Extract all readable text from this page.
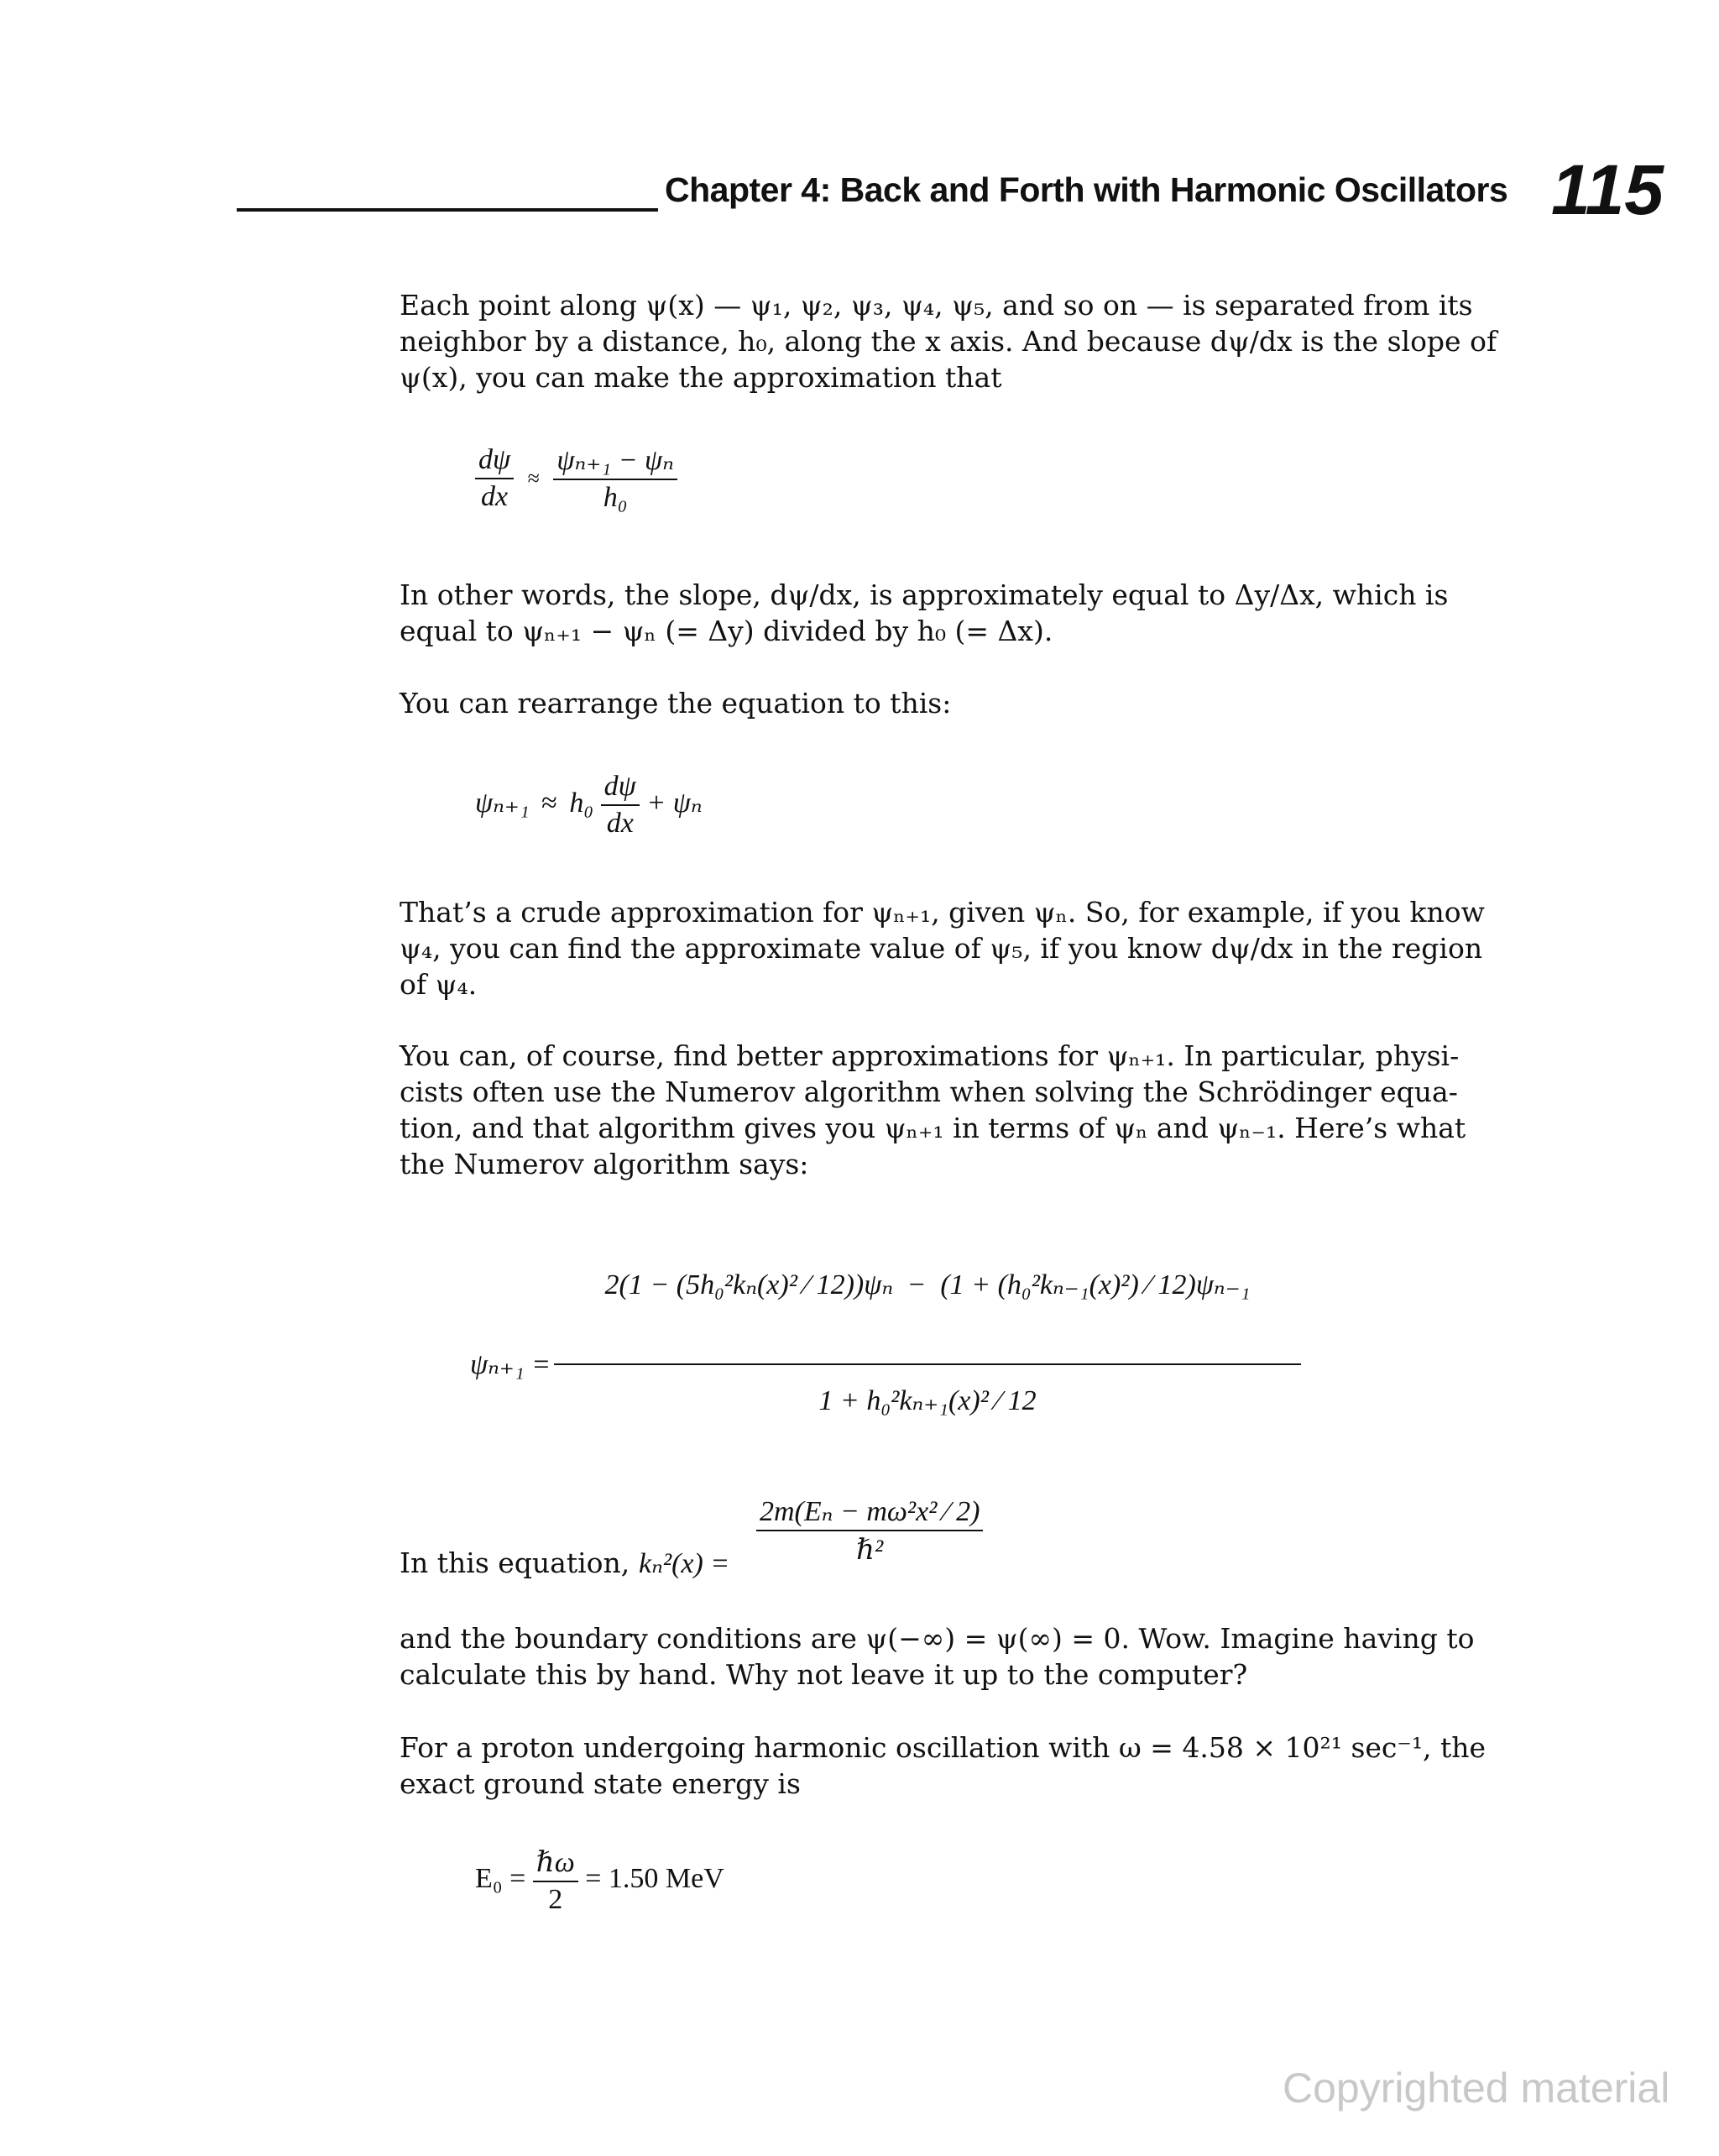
Chapter 4: Back and Forth with Harmonic Oscillators 115

Each point along ψ(x) — ψ₁, ψ₂, ψ₃, ψ₄, ψ₅, and so on — is separated from its
neighbor by a distance, h₀, along the x axis. And because dψ/dx is the slope of
ψ(x), you can make the approximation that

$\frac{d\psi}{dx} \approx \frac{\text{ψₙ₊₁ − ψₙ}}{\text{h₀}}$

In other words, the slope, dψ/dx, is approximately equal to Δy/Δx, which is
equal to ψₙ₊₁ − ψₙ (= Δy) divided by h₀ (= Δx).

You can rearrange the equation to this:

$\psi_{n+1} \approx h_0 \frac{d\psi}{dx} + \psi_n$

That’s a crude approximation for ψₙ₊₁, given ψₙ. So, for example, if you know
ψ₄, you can find the approximate value of ψ₅, if you know dψ/dx in the region
of ψ₄.

You can, of course, find better approximations for ψₙ₊₁. In particular, physi-
cists often use the Numerov algorithm when solving the Schrödinger equa-
tion, and that algorithm gives you ψₙ₊₁ in terms of ψₙ and ψₙ₋₁. Here’s what
the Numerov algorithm says:

ψₙ₊₁ =
2(1 − (5h₀²kₙ(x)² ⁄ 12))ψₙ − (1 + (h₀²kₙ₋₁(x)²) ⁄ 12)ψₙ₋₁
1 + h₀²kₙ₊₁(x)² ⁄ 12
In this equation, kₙ²(x) =
2m(Eₙ − mω²x² ⁄ 2)
ℏ²

and the boundary conditions are ψ(−∞) = ψ(∞) = 0. Wow. Imagine having to
calculate this by hand. Why not leave it up to the computer?

For a proton undergoing harmonic oscillation with ω = 4.58 × 10²¹ sec⁻¹, the
exact ground state energy is

$E_0 = \frac{\text{ℏω}}{2} = 1.50$ MeV
Copyrighted material
